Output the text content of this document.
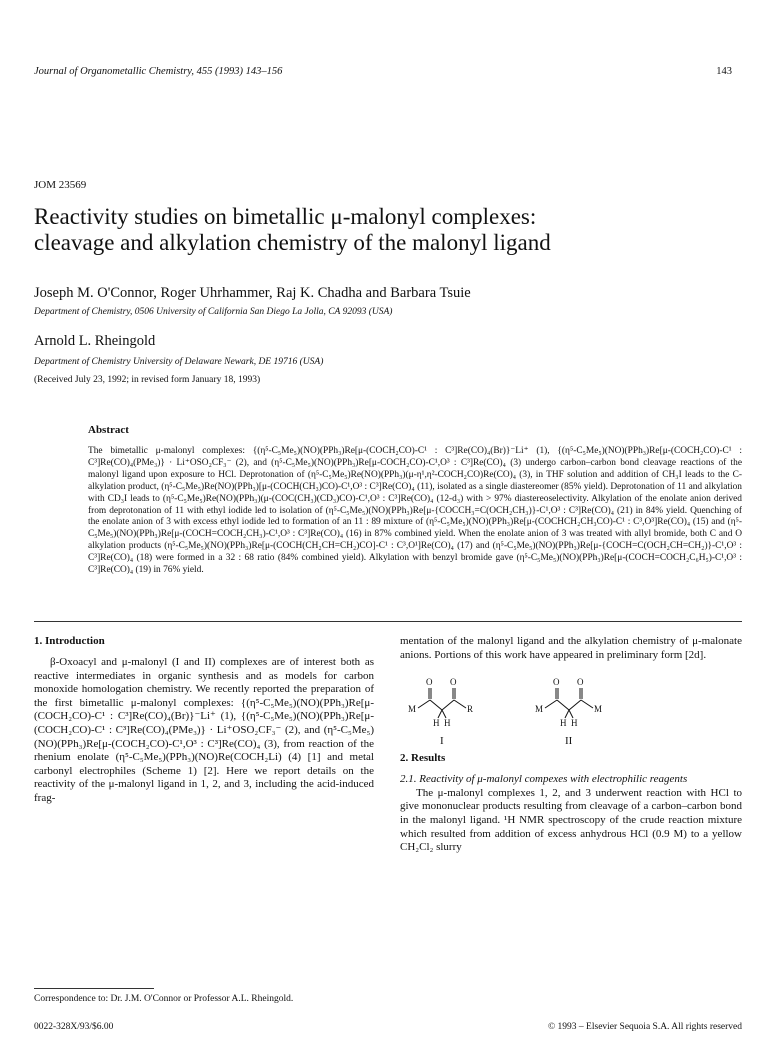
Journal of Organometallic Chemistry, 455 (1993) 143–156	143
JOM 23569
Reactivity studies on bimetallic μ-malonyl complexes:
cleavage and alkylation chemistry of the malonyl ligand
Joseph M. O'Connor, Roger Uhrhammer, Raj K. Chadha and Barbara Tsuie
Department of Chemistry, 0506 University of California San Diego La Jolla, CA 92093 (USA)
Arnold L. Rheingold
Department of Chemistry University of Delaware Newark, DE 19716 (USA)
(Received July 23, 1992; in revised form January 18, 1993)
Abstract
The bimetallic μ-malonyl complexes: {(η⁵-C₅Me₅)(NO)(PPh₃)Re[μ-(COCH₂CO)-C¹ : C³]Re(CO)₄(Br)}⁻Li⁺ (1), {(η⁵-C₅Me₅)(NO)(PPh₃)Re[μ-(COCH₂CO)-C¹ : C³]Re(CO)₄(PMe₃)} · Li⁺OSO₂CF₃⁻ (2), and (η⁵-C₅Me₅)(NO)(PPh₃)Re[μ-COCH₂CO)-C¹,O³ : C³]Re(CO)₄ (3) undergo carbon–carbon bond cleavage reactions of the malonyl ligand upon exposure to HCl. Deprotonation of (η⁵-C₅Me₅)Re(NO)(PPh₃)(μ-η¹,η²-COCH₂CO)Re(CO)₄ (3), in THF solution and addition of CH₃I leads to the C-alkylation product, (η⁵-C₅Me₅)Re(NO)(PPh₃)[μ-(COCH(CH₃)CO)-C¹,O³ : C³]Re(CO)₄ (11), isolated as a single diastereomer (85% yield). Deprotonation of 11 and alkylation with CD₃I leads to (η⁵-C₅Me₅)Re(NO)(PPh₃)(μ-(COC(CH₃)(CD₃)CO)-C¹,O³ : C³]Re(CO)₄ (12-d₃) with > 97% diastereoselectivity. Alkylation of the enolate anion derived from deprotonation of 11 with ethyl iodide led to isolation of (η⁵-C₅Me₅)(NO)(PPh₃)Re[μ-{COCCH₃=C(OCH₂CH₃)}-C¹,O³ : C³]Re(CO)₄ (21) in 84% yield. Quenching of the enolate anion of 3 with excess ethyl iodide led to formation of an 11 : 89 mixture of (η⁵-C₅Me₅)(NO)(PPh₃)Re[μ-(COCHCH₂CH₃CO)-C¹ : C³,O³]Re(CO)₄ (15) and (η⁵-C₅Me₅)(NO)(PPh₃)Re[μ-(COCH=COCH₂CH₃)-C¹,O³ : C³]Re(CO)₄ (16) in 87% combined yield. When the enolate anion of 3 was treated with allyl bromide, both C and O alkylation products (η⁵-C₅Me₅)(NO)(PPh₃)Re[μ-(COCH(CH₂CH=CH₂)CO]-C¹ : C³,O¹]Re(CO)₄ (17) and (η⁵-C₅Me₅)(NO)(PPh₃)Re[μ-{COCH=C(OCH₂CH=CH₂)}-C¹,O³ : C³]Re(CO)₄ (18) were formed in a 32 : 68 ratio (84% combined yield). Alkylation with benzyl bromide gave (η⁵-C₅Me₅)(NO)(PPh₃)Re[μ-(COCH=COCH₂C₆H₅)-C¹,O³ : C³]Re(CO)₄ (19) in 76% yield.
1. Introduction

β-Oxoacyl and μ-malonyl (I and II) complexes are of interest both as reactive intermediates in organic synthesis and as models for carbon monoxide homologation chemistry. We recently reported the preparation of the first bimetallic μ-malonyl complexes: {(η⁵-C₅Me₅)(NO)(PPh₃)Re[μ-(COCH₂CO)-C¹ : C³]Re(CO)₄(Br)}⁻Li⁺ (1), {(η⁵-C₅Me₅)(NO)(PPh₃)Re[μ-(COCH₂CO)-C¹ : C³]Re(CO)₄(PMe₃)} · Li⁺OSO₂CF₃⁻ (2), and (η⁵-C₅Me₅)(NO)(PPh₃)Re[μ-(COCH₂CO)-C¹,O³ : C³]Re(CO)₄ (3), from reaction of the rhenium enolate (η⁵-C₅Me₅)(PPh₃)(NO)Re(COCH₂Li) (4) [1] and metal carbonyl electrophiles (Scheme 1) [2]. Here we report details on the reactivity of the μ-malonyl ligand in 1, 2, and 3, including the acid-induced frag-

mentation of the malonyl ligand and the alkylation chemistry of μ-malonate anions. Portions of this work have appeared in preliminary form [2d].

O O
M	R
H H
I
O O
M	M
H H
II
2. Results

2.1. Reactivity of μ-malonyl compexes with electrophilic reagents

The μ-malonyl complexes 1, 2, and 3 underwent reaction with HCl to give mononuclear products resulting from cleavage of a carbon–carbon bond in the malonyl ligand. ¹H NMR spectroscopy of the crude reaction mixture which resulted from addition of excess anhydrous HCl (0.9 M) to a yellow CH₂Cl₂ slurry

Correspondence to: Dr. J.M. O'Connor or Professor A.L. Rheingold.
0022-328X/93/$6.00	© 1993 – Elsevier Sequoia S.A. All rights reserved
